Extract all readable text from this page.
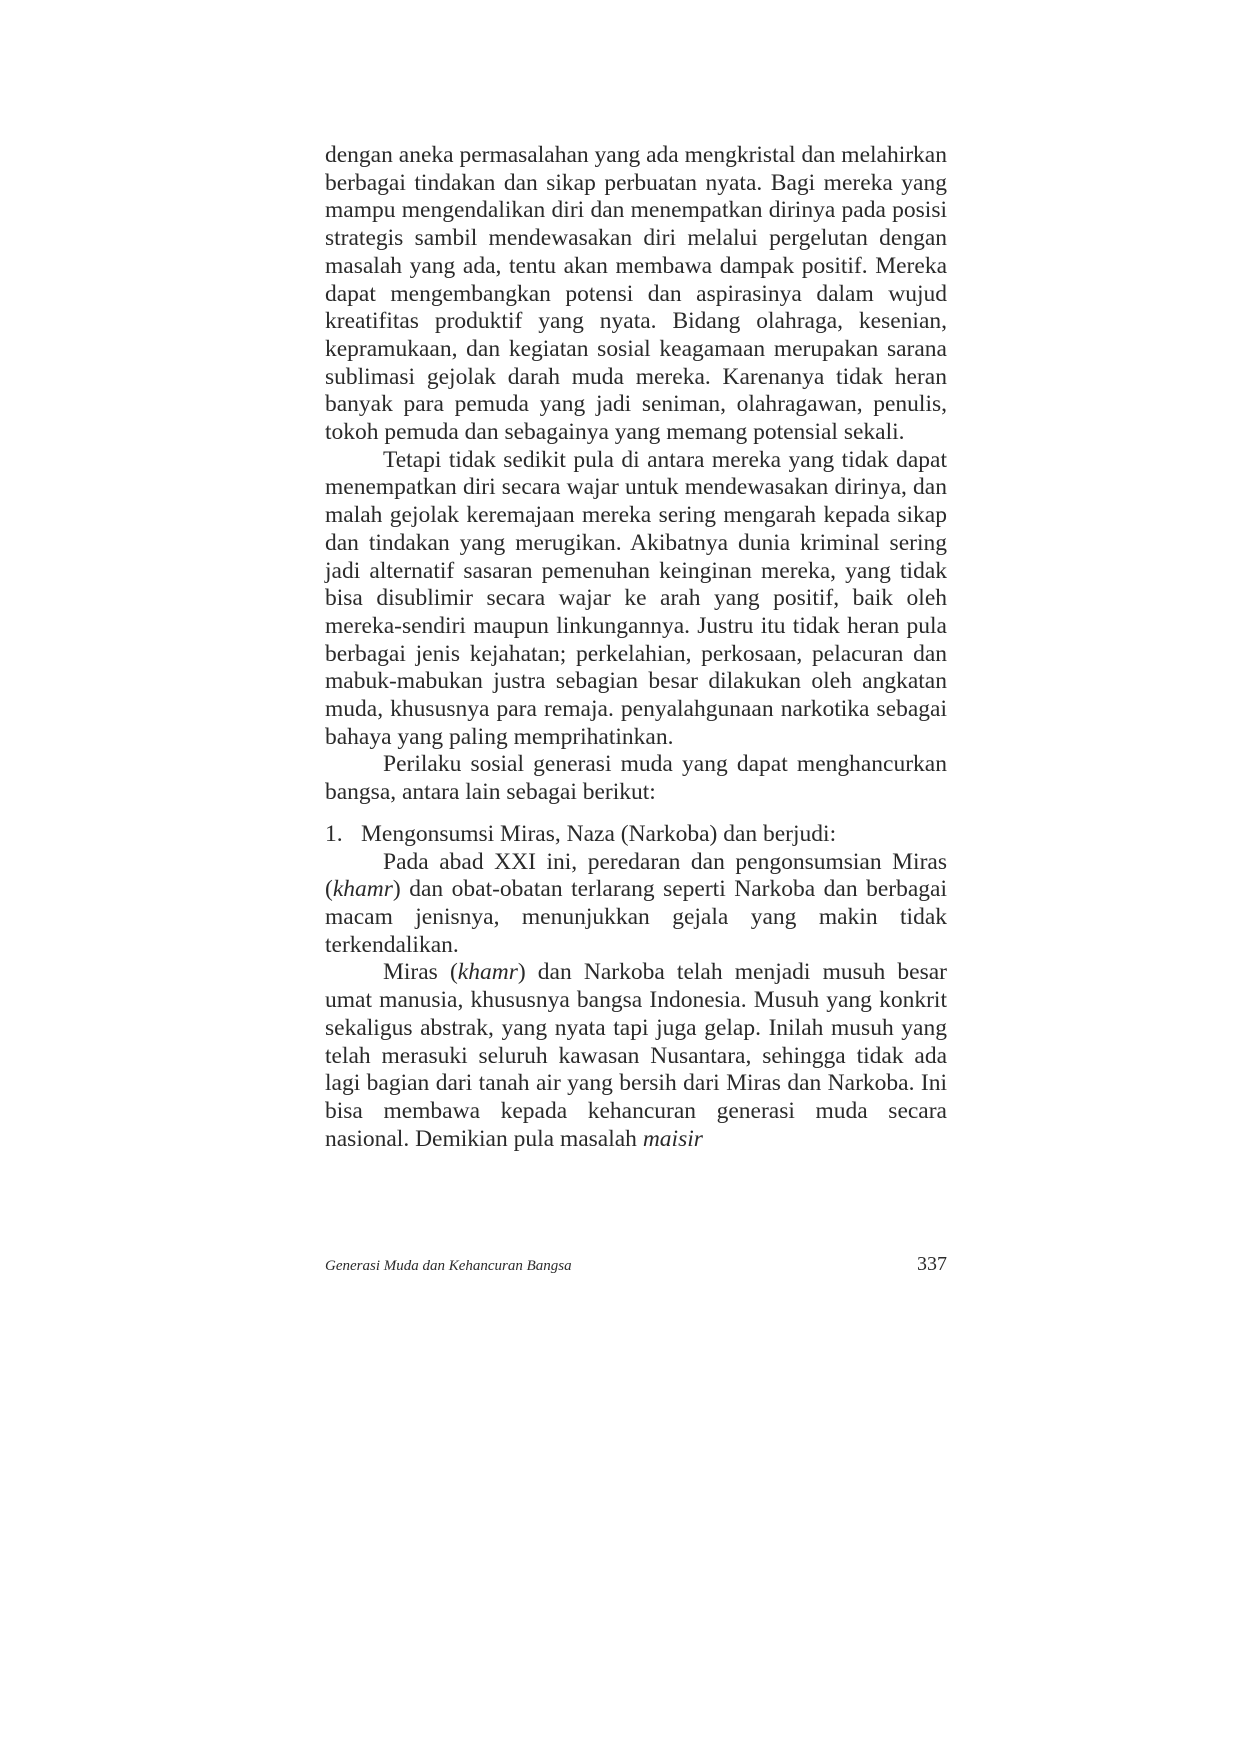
dengan aneka permasalahan yang ada mengkristal dan melahirkan berbagai tindakan dan sikap perbuatan nyata. Bagi mereka yang mampu mengendalikan diri dan menempatkan dirinya pada posisi strategis sambil mendewasakan diri melalui pergelutan dengan masalah yang ada, tentu akan membawa dampak positif. Mereka dapat mengembangkan potensi dan aspirasinya dalam wujud kreatifitas produktif yang nyata. Bidang olahraga, kesenian, kepramukaan, dan kegiatan sosial keagamaan merupakan sarana sublimasi gejolak darah muda mereka. Karenanya tidak heran banyak para pemuda yang jadi seniman, olahragawan, penulis, tokoh pemuda dan sebagainya yang memang potensial sekali.

Tetapi tidak sedikit pula di antara mereka yang tidak dapat menempatkan diri secara wajar untuk mendewasakan dirinya, dan malah gejolak keremajaan mereka sering mengarah kepada sikap dan tindakan yang merugikan. Akibatnya dunia kriminal sering jadi alternatif sasaran pemenuhan keinginan mereka, yang tidak bisa disublimir secara wajar ke arah yang positif, baik oleh mereka-sendiri maupun linkungannya. Justru itu tidak heran pula berbagai jenis kejahatan; perkelahian, perkosaan, pelacuran dan mabuk-mabukan justra sebagian besar dilakukan oleh angkatan muda, khususnya para remaja. penyalahgunaan narkotika sebagai bahaya yang paling memprihatinkan.

Perilaku sosial generasi muda yang dapat menghancurkan bangsa, antara lain sebagai berikut:

1. Mengonsumsi Miras, Naza (Narkoba) dan berjudi:

Pada abad XXI ini, peredaran dan pengonsumsian Miras (khamr) dan obat-obatan terlarang seperti Narkoba dan berbagai macam jenisnya, menunjukkan gejala yang makin tidak terkendalikan.

Miras (khamr) dan Narkoba telah menjadi musuh besar umat manusia, khususnya bangsa Indonesia. Musuh yang konkrit sekaligus abstrak, yang nyata tapi juga gelap. Inilah musuh yang telah merasuki seluruh kawasan Nusantara, sehingga tidak ada lagi bagian dari tanah air yang bersih dari Miras dan Narkoba. Ini bisa membawa kepada kehancuran generasi muda secara nasional. Demikian pula masalah maisir

Generasi Muda dan Kehancuran Bangsa	337
